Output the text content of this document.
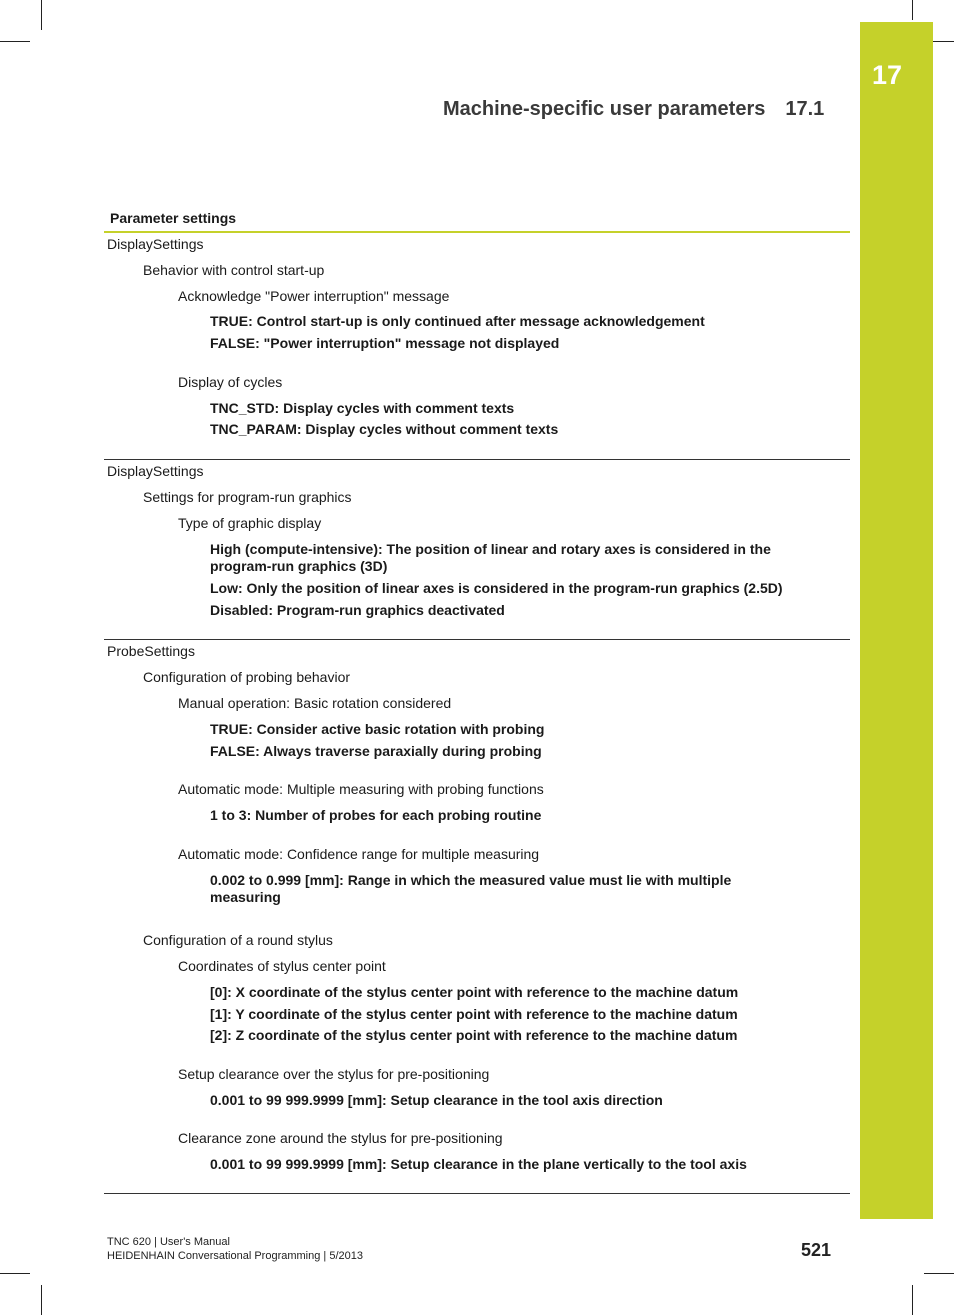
17
Machine-specific user parameters 17.1
Parameter settings
DisplaySettings
Behavior with control start-up
Acknowledge "Power interruption" message
TRUE: Control start-up is only continued after message acknowledgement
FALSE: "Power interruption" message not displayed
Display of cycles
TNC_STD: Display cycles with comment texts
TNC_PARAM: Display cycles without comment texts
DisplaySettings
Settings for program-run graphics
Type of graphic display
High (compute-intensive): The position of linear and rotary axes is considered in the program-run graphics (3D)
Low: Only the position of linear axes is considered in the program-run graphics (2.5D)
Disabled: Program-run graphics deactivated
ProbeSettings
Configuration of probing behavior
Manual operation: Basic rotation considered
TRUE: Consider active basic rotation with probing
FALSE: Always traverse paraxially during probing
Automatic mode: Multiple measuring with probing functions
1 to 3: Number of probes for each probing routine
Automatic mode: Confidence range for multiple measuring
0.002 to 0.999 [mm]: Range in which the measured value must lie with multiple measuring
Configuration of a round stylus
Coordinates of stylus center point
[0]: X coordinate of the stylus center point with reference to the machine datum
[1]: Y coordinate of the stylus center point with reference to the machine datum
[2]: Z coordinate of the stylus center point with reference to the machine datum
Setup clearance over the stylus for pre-positioning
0.001 to 99 999.9999 [mm]: Setup clearance in the tool axis direction
Clearance zone around the stylus for pre-positioning
0.001 to 99 999.9999 [mm]: Setup clearance in the plane vertically to the tool axis
TNC 620 | User's Manual
HEIDENHAIN Conversational Programming | 5/2013	521
